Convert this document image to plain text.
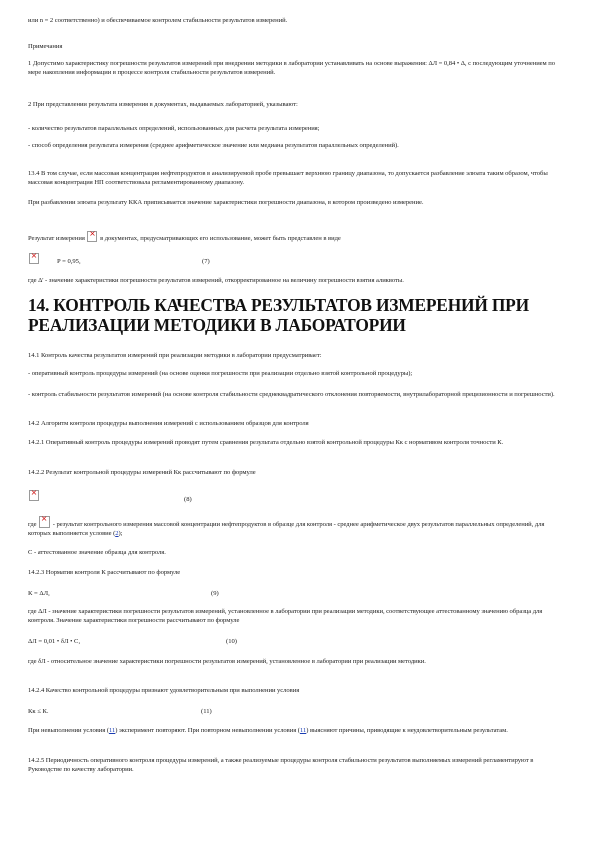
или n = 2 соответственно) и обеспечиваемое контролем стабильности результатов измерений.
Примечания
1 Допустимо характеристику погрешности результатов измерений при внедрении методики в лаборатории устанавливать на основе выражения: ΔЛ = 0,84 • Δ, с последующим уточнением по мере накопления информации в процессе контроля стабильности результатов измерений.
2 При представлении результата измерения в документах, выдаваемых лабораторией, указывают:
- количество результатов параллельных определений, использованных для расчета результата измерения;
- способ определения результата измерения (среднее арифметическое значение или медиана результатов параллельных определений).
13.4 В том случае, если массовая концентрация нефтепродуктов в анализируемой пробе превышает верхнюю границу диапазона, то допускается разбавление элюата таким образом, чтобы массовая концентрация НП соответствовала регламентированному диапазону.
При разбавлении элюата результату ККА приписывается значение характеристики погрешности диапазона, в котором произведено измерение.
Результат измерения × в документах, предусматривающих его использование, может быть представлен в виде
×
P = 0,95,	(7)
где Δ' - значение характеристики погрешности результатов измерений, откорректированное на величину погрешности взятия аликвоты.
14. КОНТРОЛЬ КАЧЕСТВА РЕЗУЛЬТАТОВ ИЗМЕРЕНИЙ ПРИ РЕАЛИЗАЦИИ МЕТОДИКИ В ЛАБОРАТОРИИ
14.1 Контроль качества результатов измерений при реализации методики в лаборатории предусматривает:
- оперативный контроль процедуры измерений (на основе оценки погрешности при реализации отдельно взятой контрольной процедуры);
- контроль стабильности результатов измерений (на основе контроля стабильности среднеквадратического отклонения повторяемости, внутрилабораторной прецизионности и погрешности).
14.2 Алгоритм контроля процедуры выполнения измерений с использованием образцов для контроля
14.2.1 Оперативный контроль процедуры измерений проводят путем сравнения результата отдельно взятой контрольной процедуры Кк с нормативом контроля точности К.
14.2.2 Результат контрольной процедуры измерений Кк рассчитывают по формуле
×
(8)
где × - результат контрольного измерения массовой концентрации нефтепродуктов в образце для контроля - среднее арифметическое двух результатов параллельных определений, для которых выполняется условие (2);
С - аттестованное значение образца для контроля.
14.2.3 Норматив контроля К рассчитывают по формуле
К = ΔЛ,	(9)
где ΔЛ - значение характеристики погрешности результатов измерений, установленное в лаборатории при реализации методики, соответствующее аттестованному значению образца для контроля. Значение характеристики погрешности рассчитывают по формуле
ΔЛ = 0,01 • δЛ • С,	(10)
где δЛ - относительное значение характеристики погрешности результатов измерений, установленное в лаборатории при реализации методики.
14.2.4 Качество контрольной процедуры признают удовлетворительным при выполнении условия
Кк ≤ К.	(11)
При невыполнении условия (11) эксперимент повторяют. При повторном невыполнении условия (11) выясняют причины, приводящие к неудовлетворительным результатам.
14.2.5 Периодичность оперативного контроля процедуры измерений, а также реализуемые процедуры контроля стабильности результатов выполняемых измерений регламентируют в Руководстве по качеству лаборатории.
